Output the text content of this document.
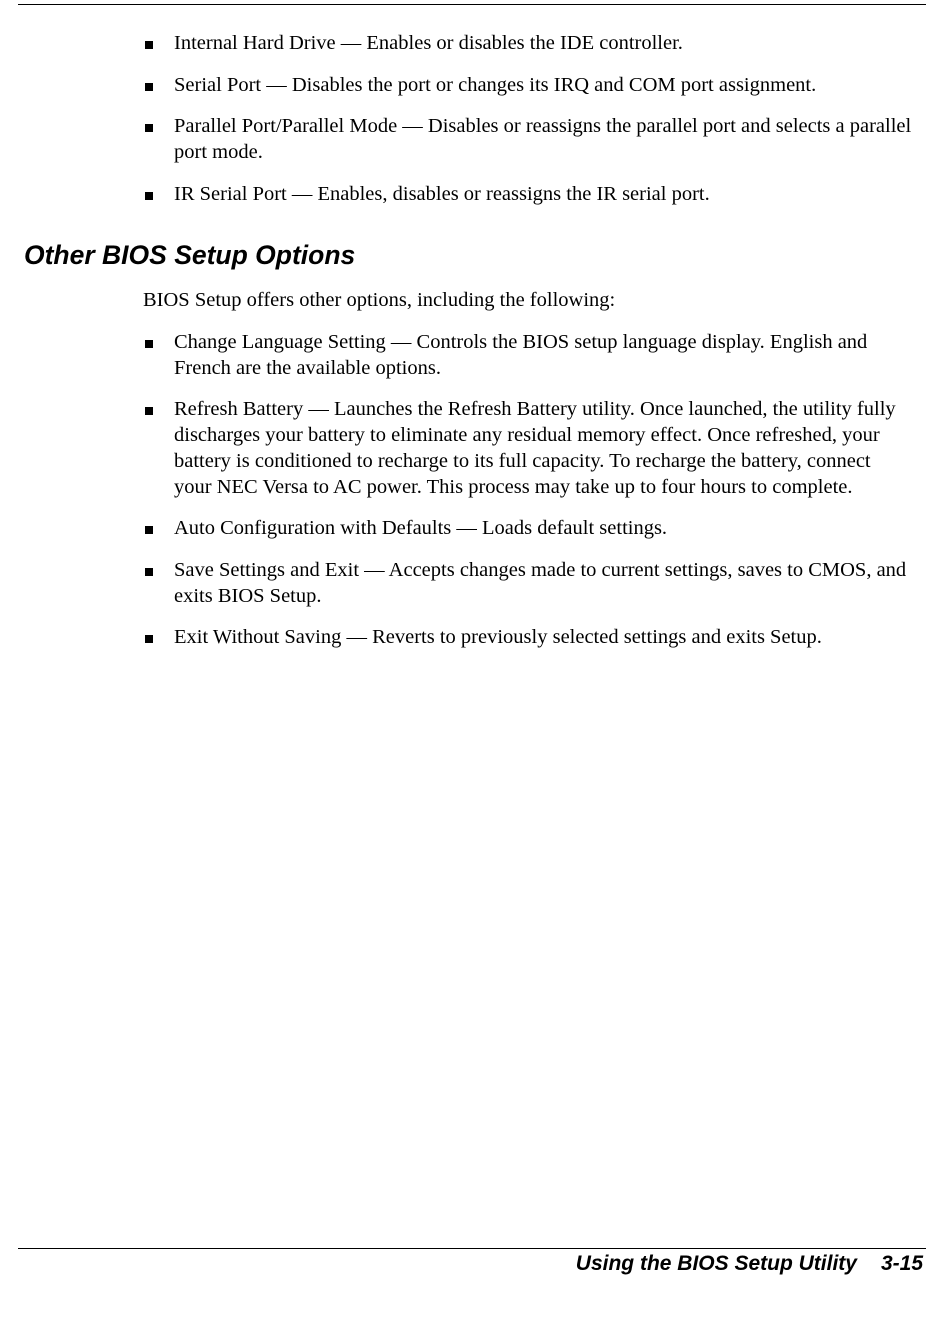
Internal Hard Drive — Enables or disables the IDE controller.
Serial Port — Disables the port or changes its IRQ and COM port assignment.
Parallel Port/Parallel Mode — Disables or reassigns the parallel port and selects a parallel port mode.
IR Serial Port — Enables, disables or reassigns the IR serial port.
Other BIOS Setup Options

BIOS Setup offers other options, including the following:

Change Language Setting — Controls the BIOS setup language display. English and French are the available options.
Refresh Battery — Launches the Refresh Battery utility. Once launched, the utility fully discharges your battery to eliminate any residual memory effect. Once refreshed, your battery is conditioned to recharge to its full capacity. To recharge the battery, connect your NEC Versa to AC power. This process may take up to four hours to complete.
Auto Configuration with Defaults — Loads default settings.
Save Settings and Exit — Accepts changes made to current settings, saves to CMOS, and exits BIOS Setup.
Exit Without Saving — Reverts to previously selected settings and exits Setup.
Using the BIOS Setup Utility 3-15
